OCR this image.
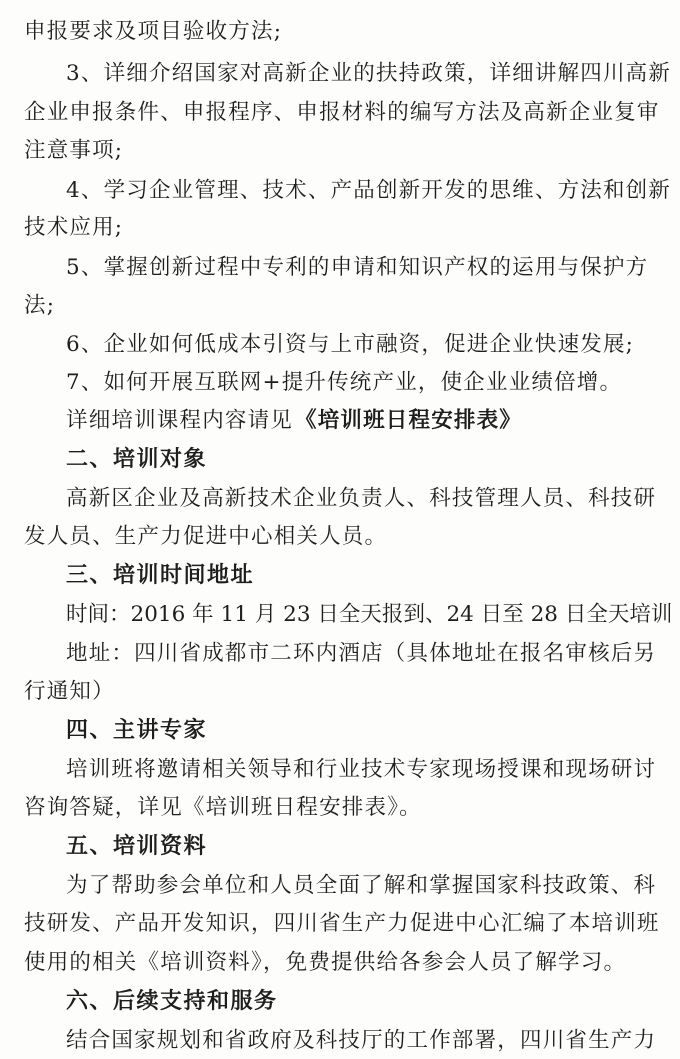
申报要求及项目验收方法;
3、详细介绍国家对高新企业的扶持政策，详细讲解四川高新
企业申报条件、申报程序、申报材料的编写方法及高新企业复审
注意事项;
4、学习企业管理、技术、产品创新开发的思维、方法和创新
技术应用;
5、掌握创新过程中专利的申请和知识产权的运用与保护方
法;
6、企业如何低成本引资与上市融资，促进企业快速发展;
7、如何开展互联网+提升传统产业，使企业业绩倍增。
详细培训课程内容请见 《培训班日程安排表》
二、培训对象
高新区企业及高新技术企业负责人、科技管理人员、科技研
发人员、生产力促进中心相关人员。
三、培训时间地址
时间：2016 年 11 月 23 日全天报到、24 日至 28 日全天培训
地址：四川省成都市二环内酒店（具体地址在报名审核后另
行通知）
四、主讲专家
培训班将邀请相关领导和行业技术专家现场授课和现场研讨
咨询答疑，详见《培训班日程安排表》。
五、培训资料
为了帮助参会单位和人员全面了解和掌握国家科技政策、科
技研发、产品开发知识，四川省生产力促进中心汇编了本培训班
使用的相关《培训资料》，免费提供给各参会人员了解学习。
六、后续支持和服务
结合国家规划和省政府及科技厅的工作部署，四川省生产力
